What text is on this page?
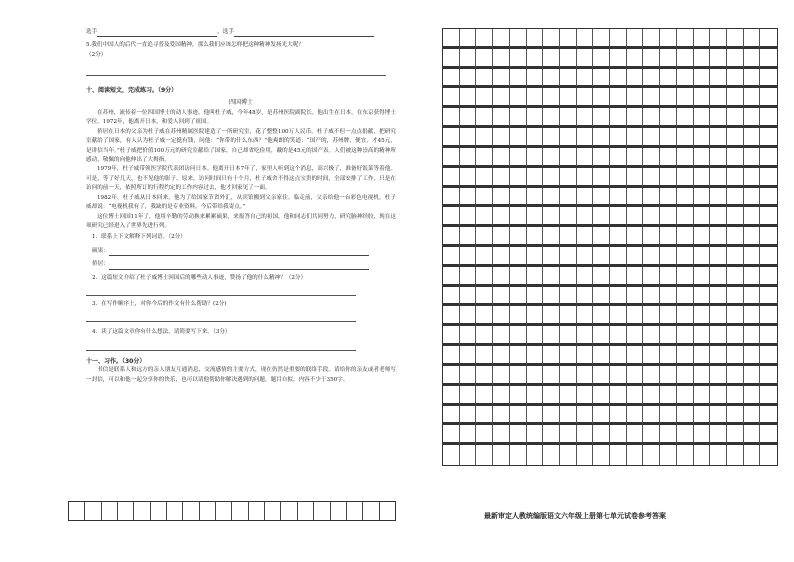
选手	，选手
5.我们中国人的后代一直追寻普及爱国精神，那么我们应该怎样把这种精神发扬光大呢？
（2分）
十、阅读短文，完成练习。（9分）
四国博士
在苏州，流传着一位四国博士的动人事迹。他叫杜子威，今年48岁，是苏州医院副院长。他出生在日本，在东京获得博士学位。1972年，他离开日本，和爱人回到了祖国。
侨居在日本的父亲为杜子威在苏州精属医院建造了一所研究室，花了整整100万人民币。杜子威不但一点点捐献，把研究室献给了国家，有人认为杜子威一定挺有钱，问他：“你带的什么东西？”他爽朗的笑道：“国产的，苏州牌，便宜，才45元，是讲信当年。”杜子威把价值100万元的研究室献给了国家，自己却省吃俭用，戴的是45元的国产表。人们被这种崇高的精神所感动，敬佩的向他伸出了大拇指。
1979年，杜子威带领医学院代表团访问日本。他离开日本7年了，家里人听到这个消息，高兴极了，准备好饭菜等着他。可是，等了好几天，也不见他的影子。原来，访问时间只有十个月，杜子威舍不得这点宝贵的时间，全部安排了工作，只是在访问的前一天，依照所订的行程约定的工作内容过去，他才回家见了一面。
1982年，杜子威从日本回来。他为了给国家节省外汇，从宾馆搬到父亲家住。临走前，父亲给他一台彩色电视机，杜子威却说：“电视机我有了，我缺的是专业资料，今后带给我寄点。”
这位博士回国11年了，他用辛勤的劳动换来累累硕果，来报答自己的祖国。他和同志们共同努力，研究脑神经胶，现在这项研究已经进入了世界先进行列。
1．联系上下文解释下列词语。（2分）
硕果：
侨居：
2．这篇短文介绍了杜子威博士回国后的哪些动人事迹，赞扬了他的什么精神？（2分）
3．在写作顺序上，对你今后的作文有什么帮助？(2分)
4．读了这篇文章你有什么想法，请简要写下来。（3分）
十一、习作。（30分）
书信是联系人和远方的亲人朋友互通消息、交流感情的主要方式，现在仍然是重要的联络手段。请给你的亲友或者老师写一封信，可以和他一起分享你的快乐，也可以请他帮助你解决遇到的问题。题目自拟，内容不少于350字。
最新审定人教统编版语文六年级上册第七单元试卷参考答案
